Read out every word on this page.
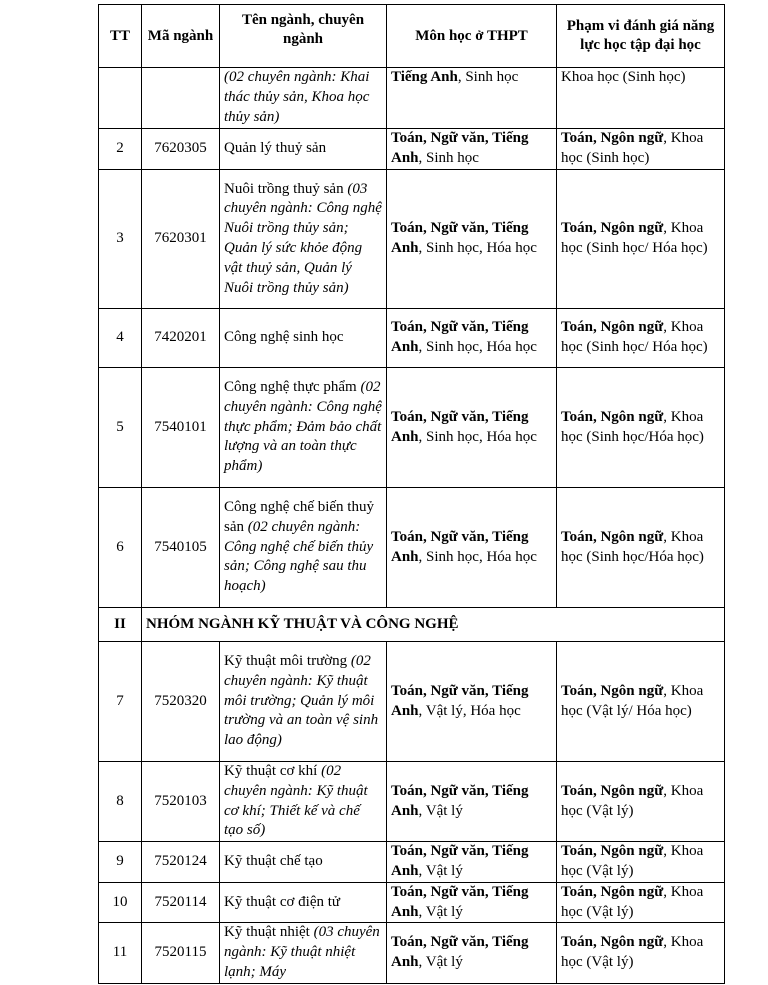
TT	Mã ngành	Tên ngành, chuyên ngành	Môn học ở THPT	Phạm vi đánh giá năng lực học tập đại học
		(02 chuyên ngành: Khai thác thủy sản, Khoa học thủy sản)	Tiếng Anh, Sinh học	Khoa học (Sinh học)
2	7620305	Quản lý thuỷ sản	Toán, Ngữ văn, Tiếng Anh, Sinh học	Toán, Ngôn ngữ, Khoa học (Sinh học)
3	7620301	Nuôi trồng thuỷ sản (03 chuyên ngành: Công nghệ Nuôi trồng thủy sản; Quản lý sức khỏe động vật thuỷ sản, Quản lý Nuôi trồng thủy sản)	Toán, Ngữ văn, Tiếng Anh, Sinh học, Hóa học	Toán, Ngôn ngữ, Khoa học (Sinh học/ Hóa học)
4	7420201	Công nghệ sinh học	Toán, Ngữ văn, Tiếng Anh, Sinh học, Hóa học	Toán, Ngôn ngữ, Khoa học (Sinh học/ Hóa học)
5	7540101	Công nghệ thực phẩm (02 chuyên ngành: Công nghệ thực phẩm; Đảm bảo chất lượng và an toàn thực phẩm)	Toán, Ngữ văn, Tiếng Anh, Sinh học, Hóa học	Toán, Ngôn ngữ, Khoa học (Sinh học/Hóa học)
6	7540105	Công nghệ chế biến thuỷ sản (02 chuyên ngành: Công nghệ chế biến thủy sản; Công nghệ sau thu hoạch)	Toán, Ngữ văn, Tiếng Anh, Sinh học, Hóa học	Toán, Ngôn ngữ, Khoa học (Sinh học/Hóa học)
II	NHÓM NGÀNH KỸ THUẬT VÀ CÔNG NGHỆ			
7	7520320	Kỹ thuật môi trường (02 chuyên ngành: Kỹ thuật môi trường; Quản lý môi trường và an toàn vệ sinh lao động)	Toán, Ngữ văn, Tiếng Anh, Vật lý, Hóa học	Toán, Ngôn ngữ, Khoa học (Vật lý/ Hóa học)
8	7520103	Kỹ thuật cơ khí (02 chuyên ngành: Kỹ thuật cơ khí; Thiết kế và chế tạo số)	Toán, Ngữ văn, Tiếng Anh, Vật lý	Toán, Ngôn ngữ, Khoa học (Vật lý)
9	7520124	Kỹ thuật chế tạo	Toán, Ngữ văn, Tiếng Anh, Vật lý	Toán, Ngôn ngữ, Khoa học (Vật lý)
10	7520114	Kỹ thuật cơ điện tử	Toán, Ngữ văn, Tiếng Anh, Vật lý	Toán, Ngôn ngữ, Khoa học (Vật lý)
11	7520115	Kỹ thuật nhiệt (03 chuyên ngành: Kỹ thuật nhiệt lạnh; Máy	Toán, Ngữ văn, Tiếng Anh, Vật lý	Toán, Ngôn ngữ, Khoa học (Vật lý)
